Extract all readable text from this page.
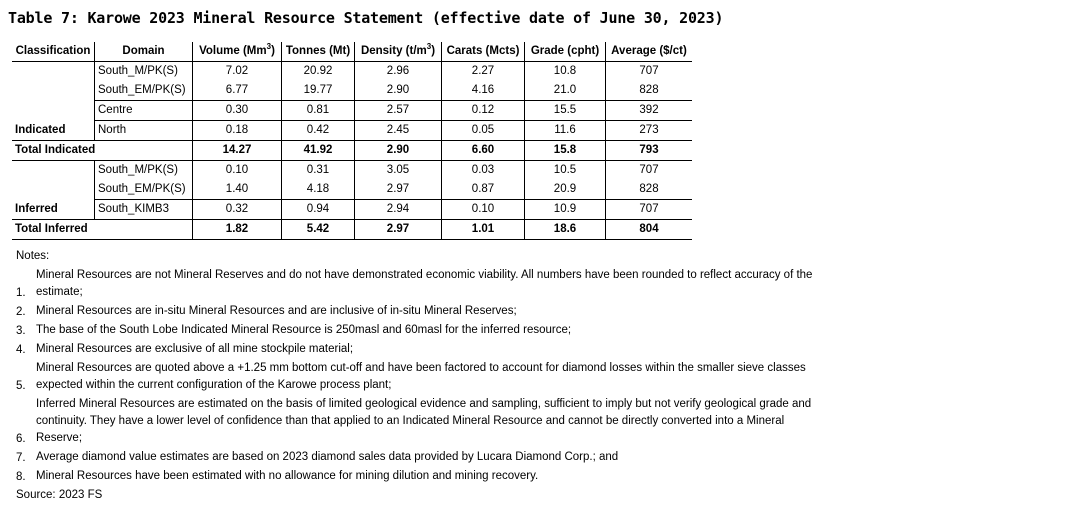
Table 7: Karowe 2023 Mineral Resource Statement (effective date of June 30, 2023)
Classification	Domain	Volume (Mm$^3$)	Tonnes (Mt)	Density $(t/m^3)$	Carats (Mcts)	Grade (cpht)	Average ($/ct)
Indicated	South_M/PK(S)	7.02	20.92	2.96	2.27	10.8	707
	South_EM/PK(S)	6.77	19.77	2.90	4.16	21.0	828
	Centre	0.30	0.81	2.57	0.12	15.5	392
	North	0.18	0.42	2.45	0.05	11.6	273
Total Indicated		14.27	41.92	2.90	6.60	15.8	793
Inferred	South_M/PK(S)	0.10	0.31	3.05	0.03	10.5	707
	South_EM/PK(S)	1.40	4.18	2.97	0.87	20.9	828
	South_KIMB3	0.32	0.94	2.94	0.10	10.9	707
Total Inferred		1.82	5.42	2.97	1.01	18.6	804
Notes:
1.
Mineral Resources are not Mineral Reserves and do not have demonstrated economic viability. All numbers have been rounded to reflect accuracy of the estimate;
2. Mineral Resources are in-situ Mineral Resources and are inclusive of in-situ Mineral Reserves;
3. The base of the South Lobe Indicated Mineral Resource is 250masl and 60masl for the inferred resource;
4. Mineral Resources are exclusive of all mine stockpile material;
5.
Mineral Resources are quoted above a +1.25 mm bottom cut-off and have been factored to account for diamond losses within the smaller sieve classes expected within the current configuration of the Karowe process plant;
6.
Inferred Mineral Resources are estimated on the basis of limited geological evidence and sampling, sufficient to imply but not verify geological grade and continuity. They have a lower level of confidence than that applied to an Indicated Mineral Resource and cannot be directly converted into a Mineral Reserve;
7. Average diamond value estimates are based on 2023 diamond sales data provided by Lucara Diamond Corp.; and
8. Mineral Resources have been estimated with no allowance for mining dilution and mining recovery.
Source: 2023 FS
